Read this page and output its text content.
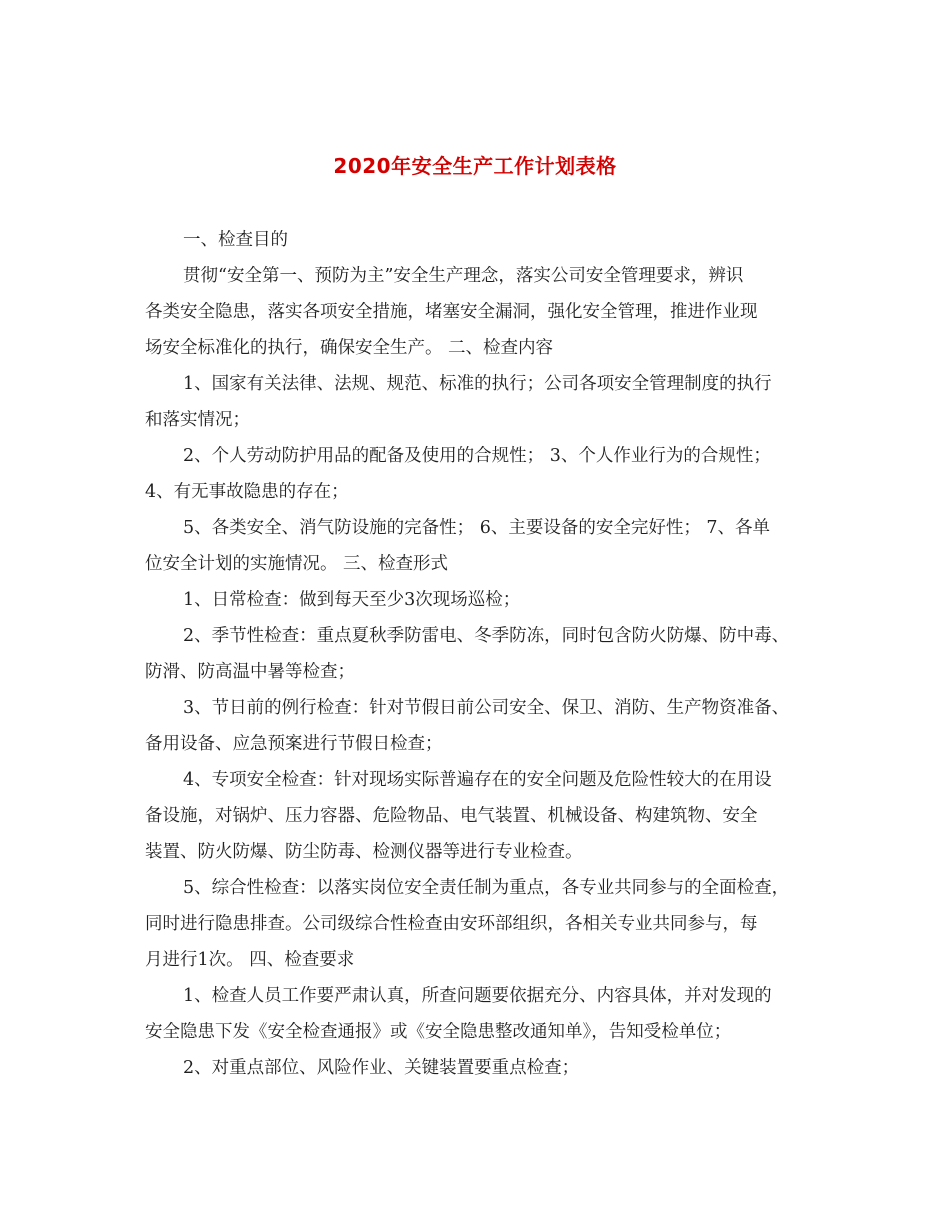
2020年安全生产工作计划表格
一、检查目的
贯彻“安全第一、预防为主”安全生产理念，落实公司安全管理要求，辨识
各类安全隐患，落实各项安全措施，堵塞安全漏洞，强化安全管理，推进作业现
场安全标准化的执行，确保安全生产。 二、检查内容
1、国家有关法律、法规、规范、标准的执行；公司各项安全管理制度的执行
和落实情况；
2、个人劳动防护用品的配备及使用的合规性； 3、个人作业行为的合规性；
4、有无事故隐患的存在；
5、各类安全、消气防设施的完备性； 6、主要设备的安全完好性； 7、各单
位安全计划的实施情况。 三、检查形式
1、日常检查：做到每天至少3次现场巡检；
2、季节性检查：重点夏秋季防雷电、冬季防冻，同时包含防火防爆、防中毒、
防滑、防高温中暑等检查；
3、节日前的例行检查：针对节假日前公司安全、保卫、消防、生产物资准备、
备用设备、应急预案进行节假日检查；
4、专项安全检查：针对现场实际普遍存在的安全问题及危险性较大的在用设
备设施，对锅炉、压力容器、危险物品、电气装置、机械设备、构建筑物、安全
装置、防火防爆、防尘防毒、检测仪器等进行专业检查。
5、综合性检查：以落实岗位安全责任制为重点，各专业共同参与的全面检查，
同时进行隐患排查。公司级综合性检查由安环部组织，各相关专业共同参与，每
月进行1次。 四、检查要求
1、检查人员工作要严肃认真，所查问题要依据充分、内容具体，并对发现的
安全隐患下发《安全检查通报》或《安全隐患整改通知单》，告知受检单位；
2、对重点部位、风险作业、关键装置要重点检查；
